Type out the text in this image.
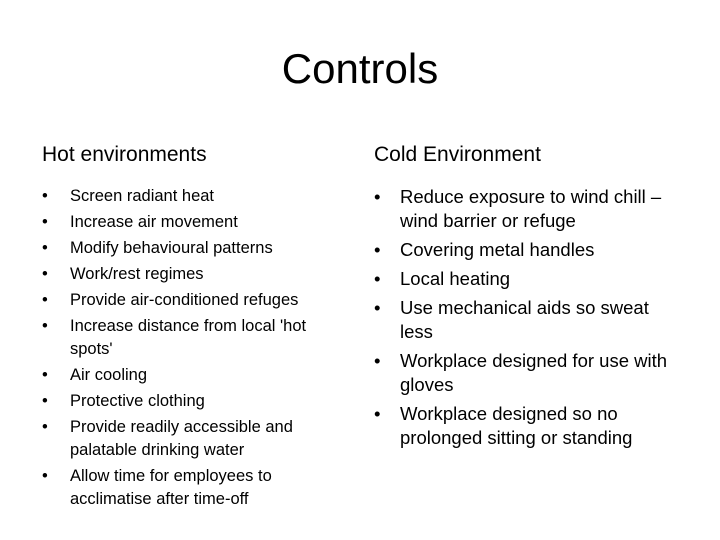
Controls
Hot environments
• Screen radiant heat
• Increase air movement
• Modify behavioural patterns
• Work/rest regimes
• Provide air-conditioned refuges
• Increase distance from local 'hot spots'
• Air cooling
• Protective clothing
• Provide readily accessible and palatable drinking water
• Allow time for employees to acclimatise after time-off
Cold Environment
• Reduce exposure to wind chill – wind barrier or refuge
• Covering metal handles
• Local heating
• Use mechanical aids so sweat less
• Workplace designed for use with gloves
• Workplace designed so no prolonged sitting or standing
